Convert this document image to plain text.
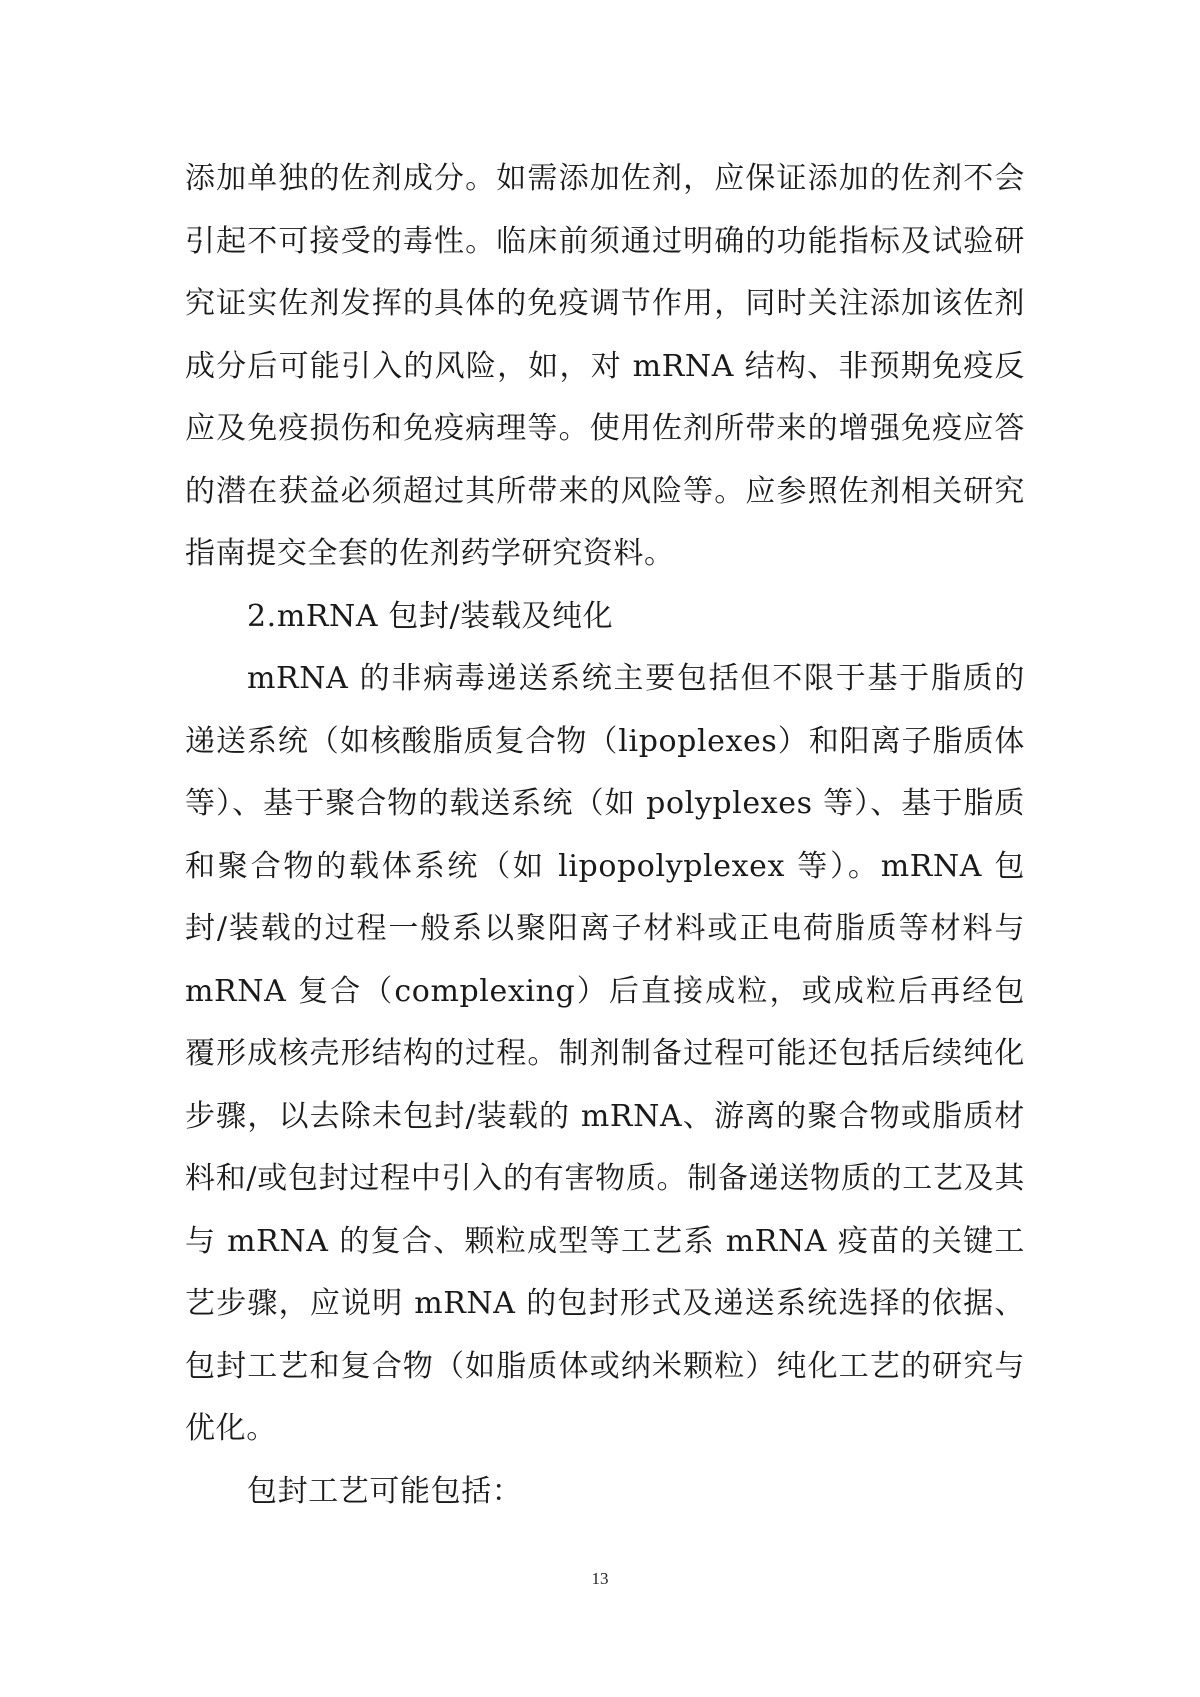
添加单独的佐剂成分。如需添加佐剂，应保证添加的佐剂不会引起不可接受的毒性。临床前须通过明确的功能指标及试验研究证实佐剂发挥的具体的免疫调节作用，同时关注添加该佐剂成分后可能引入的风险，如，对 mRNA 结构、非预期免疫反应及免疫损伤和免疫病理等。使用佐剂所带来的增强免疫应答的潜在获益必须超过其所带来的风险等。应参照佐剂相关研究指南提交全套的佐剂药学研究资料。

2.mRNA 包封/装载及纯化

mRNA 的非病毒递送系统主要包括但不限于基于脂质的递送系统（如核酸脂质复合物（lipoplexes）和阳离子脂质体等）、基于聚合物的载送系统（如 polyplexes 等）、基于脂质和聚合物的载体系统（如 lipopolyplexex 等）。mRNA 包封/装载的过程一般系以聚阳离子材料或正电荷脂质等材料与 mRNA 复合（complexing）后直接成粒，或成粒后再经包覆形成核壳形结构的过程。制剂制备过程可能还包括后续纯化步骤，以去除未包封/装载的 mRNA、游离的聚合物或脂质材料和/或包封过程中引入的有害物质。制备递送物质的工艺及其与 mRNA 的复合、颗粒成型等工艺系 mRNA 疫苗的关键工艺步骤，应说明 mRNA 的包封形式及递送系统选择的依据、包封工艺和复合物（如脂质体或纳米颗粒）纯化工艺的研究与优化。

包封工艺可能包括：

13
